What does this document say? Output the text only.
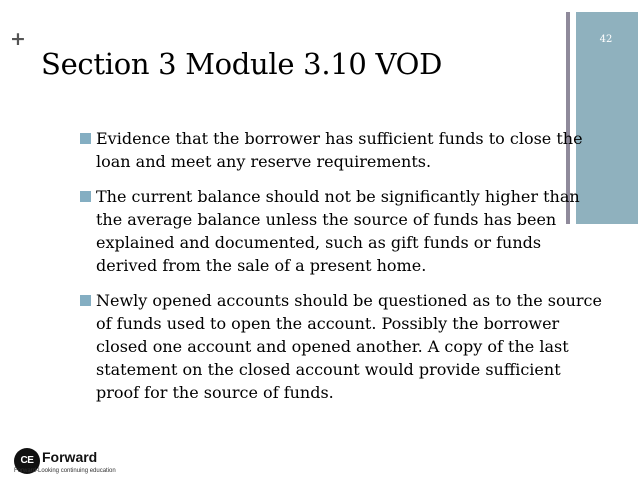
+	42
Section 3 Module 3.10 VOD
Evidence that the borrower has sufficient funds to close the loan and meet any reserve requirements.
The current balance should not be significantly higher than the average balance unless the source of funds has been explained and documented, such as gift funds or funds derived from the sale of a present home.
Newly opened accounts should be questioned as to the source of funds used to open the account. Possibly the borrower closed one account and opened another. A copy of the last statement on the closed account would provide sufficient proof for the source of funds.
CE Forward
Forward-Looking continuing education
